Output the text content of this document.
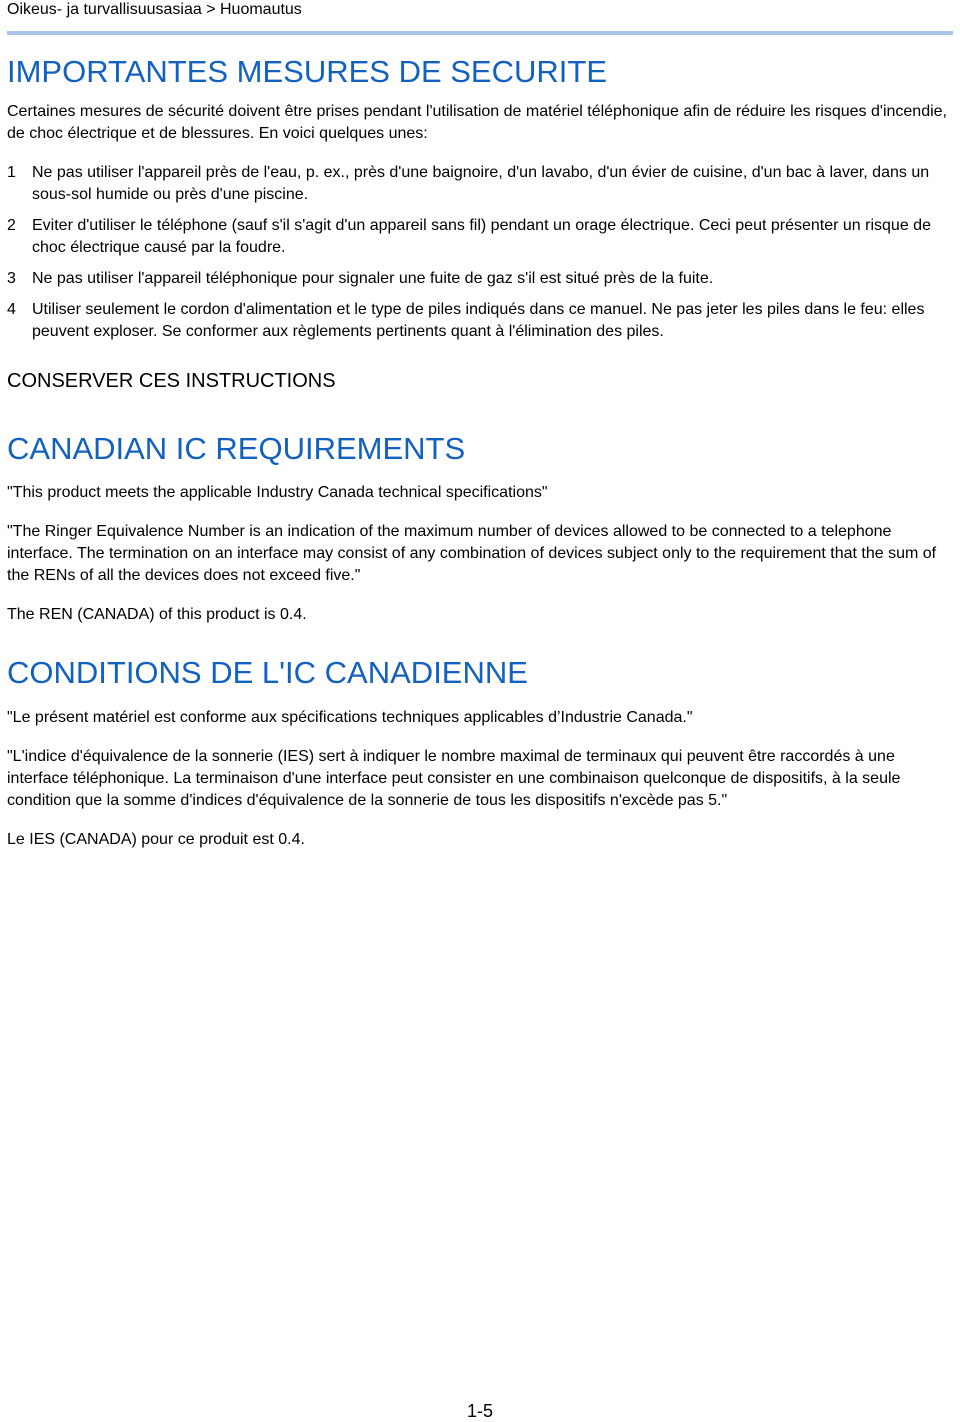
Oikeus- ja turvallisuusasiaa > Huomautus
IMPORTANTES MESURES DE SECURITE

Certaines mesures de sécurité doivent être prises pendant l'utilisation de matériel téléphonique afin de réduire les risques d'incendie, de choc électrique et de blessures. En voici quelques unes:

1	Ne pas utiliser l'appareil près de l'eau, p. ex., près d'une baignoire, d'un lavabo, d'un évier de cuisine, d'un bac à laver, dans un sous-sol humide ou près d'une piscine.
2	Eviter d'utiliser le téléphone (sauf s'il s'agit d'un appareil sans fil) pendant un orage électrique. Ceci peut présenter un risque de choc électrique causé par la foudre.
3	Ne pas utiliser l'appareil téléphonique pour signaler une fuite de gaz s'il est situé près de la fuite.
4	Utiliser seulement le cordon d'alimentation et le type de piles indiqués dans ce manuel. Ne pas jeter les piles dans le feu: elles peuvent exploser. Se conformer aux règlements pertinents quant à l'élimination des piles.
CONSERVER CES INSTRUCTIONS
CANADIAN IC REQUIREMENTS

"This product meets the applicable Industry Canada technical specifications"

"The Ringer Equivalence Number is an indication of the maximum number of devices allowed to be connected to a telephone interface. The termination on an interface may consist of any combination of devices subject only to the requirement that the sum of the RENs of all the devices does not exceed five."

The REN (CANADA) of this product is 0.4.

CONDITIONS DE L'IC CANADIENNE

"Le présent matériel est conforme aux spécifications techniques applicables d’Industrie Canada."

"L'indice d'équivalence de la sonnerie (IES) sert à indiquer le nombre maximal de terminaux qui peuvent être raccordés à une interface téléphonique. La terminaison d'une interface peut consister en une combinaison quelconque de dispositifs, à la seule condition que la somme d'indices d'équivalence de la sonnerie de tous les dispositifs n'excède pas 5."

Le IES (CANADA) pour ce produit est 0.4.

1-5
